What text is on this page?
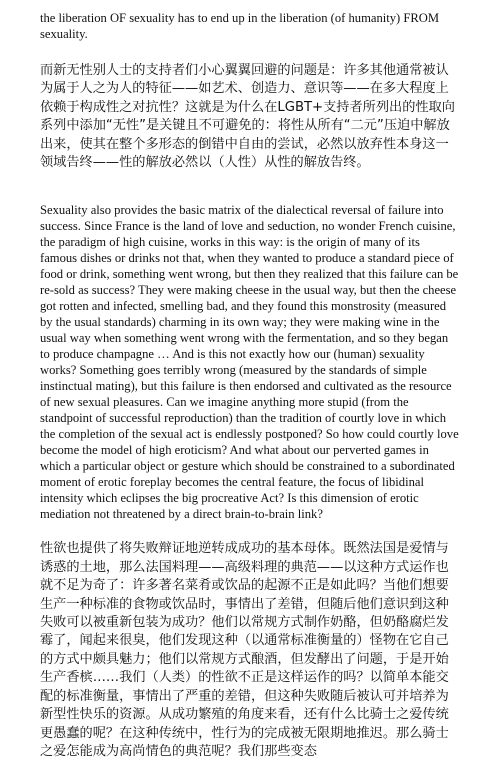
the liberation OF sexuality has to end up in the liberation (of humanity) FROM sexuality.

而新无性别人士的支持者们小心翼翼回避的问题是：许多其他通常被认为属于人之为人的特征——如艺术、创造力、意识等——在多大程度上依赖于构成性之对抗性？这就是为什么在LGBT+支持者所列出的性取向系列中添加“无性”是关键且不可避免的：将性从所有“二元”压迫中解放出来，使其在整个多形态的倒错中自由的尝试，必然以放弃性本身这一领域告终——性的解放必然以（人性）从性的解放告终。

Sexuality also provides the basic matrix of the dialectical reversal of failure into success. Since France is the land of love and seduction, no wonder French cuisine, the paradigm of high cuisine, works in this way: is the origin of many of its famous dishes or drinks not that, when they wanted to produce a standard piece of food or drink, something went wrong, but then they realized that this failure can be re-sold as success? They were making cheese in the usual way, but then the cheese got rotten and infected, smelling bad, and they found this monstrosity (measured by the usual standards) charming in its own way; they were making wine in the usual way when something went wrong with the fermentation, and so they began to produce champagne … And is this not exactly how our (human) sexuality works? Something goes terribly wrong (measured by the standards of simple instinctual mating), but this failure is then endorsed and cultivated as the resource of new sexual pleasures. Can we imagine anything more stupid (from the standpoint of successful reproduction) than the tradition of courtly love in which the completion of the sexual act is endlessly postponed? So how could courtly love become the model of high eroticism? And what about our perverted games in which a particular object or gesture which should be constrained to a subordinated moment of erotic foreplay becomes the central feature, the focus of libidinal intensity which eclipses the big procreative Act? Is this dimension of erotic mediation not threatened by a direct brain-to-brain link?

性欲也提供了将失败辩证地逆转成成功的基本母体。既然法国是爱情与诱惑的土地，那么法国料理——高级料理的典范——以这种方式运作也就不足为奇了：许多著名菜肴或饮品的起源不正是如此吗？当他们想要生产一种标准的食物或饮品时，事情出了差错，但随后他们意识到这种失败可以被重新包装为成功？他们以常规方式制作奶酪，但奶酪腐烂发霉了，闻起来很臭，他们发现这种（以通常标准衡量的）怪物在它自己的方式中颇具魅力；他们以常规方式酿酒，但发酵出了问题，于是开始生产香槟……我们（人类）的性欲不正是这样运作的吗？以简单本能交配的标准衡量，事情出了严重的差错，但这种失败随后被认可并培养为新型性快乐的资源。从成功繁殖的角度来看，还有什么比骑士之爱传统更愚蠢的呢？在这种传统中，性行为的完成被无限期地推迟。那么骑士之爱怎能成为高尚情色的典范呢？我们那些变态
